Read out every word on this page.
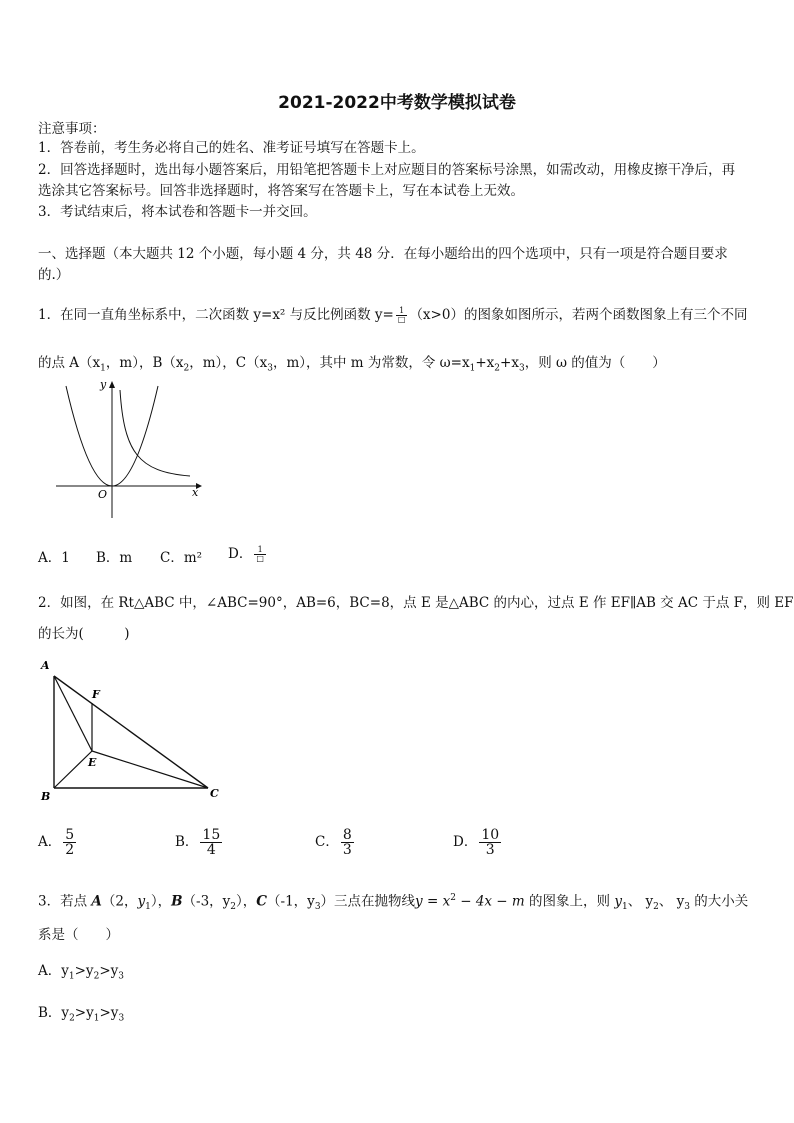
2021-2022中考数学模拟试卷
注意事项：
1．答卷前，考生务必将自己的姓名、准考证号填写在答题卡上。
2．回答选择题时，选出每小题答案后，用铅笔把答题卡上对应题目的答案标号涂黑，如需改动，用橡皮擦干净后，再
选涂其它答案标号。回答非选择题时，将答案写在答题卡上，写在本试卷上无效。
3．考试结束后，将本试卷和答题卡一并交回。
一、选择题（本大题共 12 个小题，每小题 4 分，共 48 分．在每小题给出的四个选项中，只有一项是符合题目要求
的.）
1．在同一直角坐标系中，二次函数 y=x² 与反比例函数 $y= \frac{1}{□} (x>0)$的图象如图所示，若两个函数图象上有三个不同
的点 $A(x_1$，m），$B(x_2$，m），$C(x_3$，m），其中 m 为常数，令 $\omega=x_1+x_2+x_3$，则 ω 的值为（　　）
y
x
O
A．1 B．m C．m² D． $\frac{1}{□}$
2．如图，在 Rt△ABC 中，∠ABC=90°，AB=6，BC=8，点 E 是△ABC 的内心，过点 E 作 EF∥AB 交 AC 于点 F，则 EF
的长为(　　　)
A
F
E
B	C
A． $\frac{5}{2}$	B． $\frac{15}{4}$	C． $\frac{8}{3}$	D． $\frac{10}{3}$
3．若点 A（2，$y_1$），B（-3，$y_2$），C（-1，$y_3$）三点在抛物线$y = x^2 - 4x - m$ 的图象上，则 $y_1$、 $y_2$、 $y_3$ 的大小关
系是（　　）
A．$y_1>y_2>y_3$
B．$y_2>y_1>y_3$
